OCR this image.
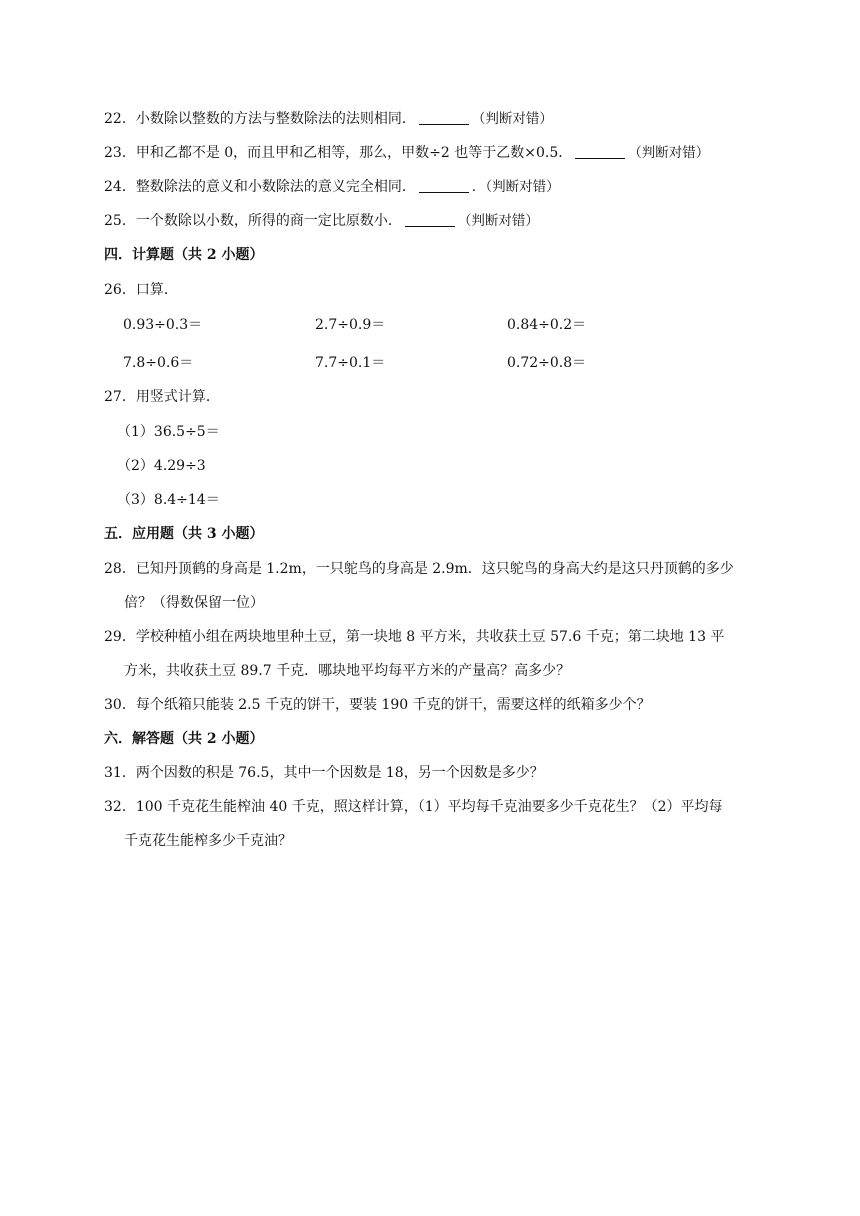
22．小数除以整数的方法与整数除法的法则相同．	（判断对错）
23．甲和乙都不是 0，而且甲和乙相等，那么，甲数÷2 也等于乙数×0.5．	（判断对错）
24．整数除法的意义和小数除法的意义完全相同．	．（判断对错）
25．一个数除以小数，所得的商一定比原数小．	（判断对错）
四．计算题（共 2 小题）
26．口算．
0.93÷0.3＝	2.7÷0.9＝	0.84÷0.2＝
7.8÷0.6＝	7.7÷0.1＝	0.72÷0.8＝
27．用竖式计算．
（1）36.5÷5＝
（2）4.29÷3
（3）8.4÷14＝
五．应用题（共 3 小题）
28．已知丹顶鹤的身高是 1.2m，一只鸵鸟的身高是 2.9m．这只鸵鸟的身高大约是这只丹顶鹤的多少
倍？（得数保留一位）
29．学校种植小组在两块地里种土豆，第一块地 8 平方米，共收获土豆 57.6 千克；第二块地 13 平
方米，共收获土豆 89.7 千克．哪块地平均每平方米的产量高？高多少？
30．每个纸箱只能装 2.5 千克的饼干，要装 190 千克的饼干，需要这样的纸箱多少个？
六．解答题（共 2 小题）
31．两个因数的积是 76.5，其中一个因数是 18，另一个因数是多少？
32．100 千克花生能榨油 40 千克，照这样计算，（1）平均每千克油要多少千克花生？（2）平均每
千克花生能榨多少千克油？
